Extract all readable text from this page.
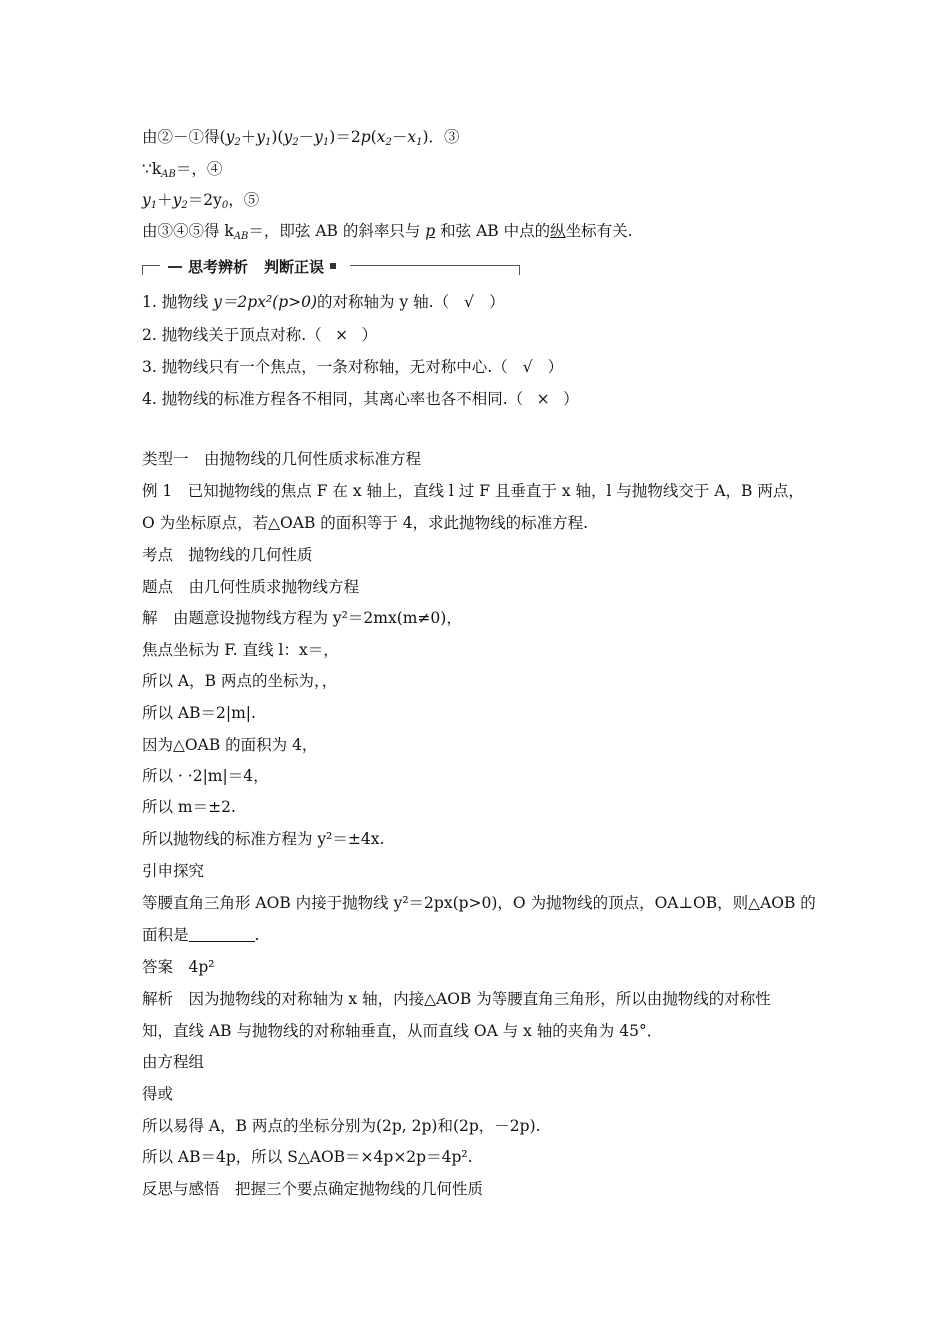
由②－①得$(y_2+y_1)(y_2-y_1)=2p(x_2-x_1)$．③
$\because k_{AB}=$，④
$y_1+y_2=2y_0$，⑤
由③④⑤得 $k_{AB}=$，即弦 AB 的斜率只与 p 和弦 AB 中点的纵坐标有关.
思考辨析 判断正误
1. 抛物线 y＝2px²(p>0)的对称轴为 y 轴.（ √ ）
2. 抛物线关于顶点对称.（ × ）
3. 抛物线只有一个焦点，一条对称轴，无对称中心.（ √ ）
4. 抛物线的标准方程各不相同，其离心率也各不相同.（ × ）
类型一　由抛物线的几何性质求标准方程
例 1　已知抛物线的焦点 F 在 x 轴上，直线 l 过 F 且垂直于 x 轴，l 与抛物线交于 A，B 两点，
O 为坐标原点，若△OAB 的面积等于 4，求此抛物线的标准方程.
考点　抛物线的几何性质
题点　由几何性质求抛物线方程
解　由题意设抛物线方程为 y²＝2mx(m≠0)，
焦点坐标为 F. 直线 l：x＝，
所以 A，B 两点的坐标为，，
所以 AB＝2|m|.
因为△OAB 的面积为 4，
所以 · ·2|m|＝4，
所以 m＝±2.
所以抛物线的标准方程为 y²＝±4x.
引申探究
等腰直角三角形 AOB 内接于抛物线 y²＝2px(p>0)，O 为抛物线的顶点，OA⊥OB，则△AOB 的
面积是	.
答案　4p²
解析　因为抛物线的对称轴为 x 轴，内接△AOB 为等腰直角三角形，所以由抛物线的对称性
知，直线 AB 与抛物线的对称轴垂直，从而直线 OA 与 x 轴的夹角为 45°．
由方程组
得或
所以易得 A，B 两点的坐标分别为(2p, 2p)和(2p，－2p).
所以 AB＝4p，所以 S△AOB＝×4p×2p＝4p².
反思与感悟　把握三个要点确定抛物线的几何性质
